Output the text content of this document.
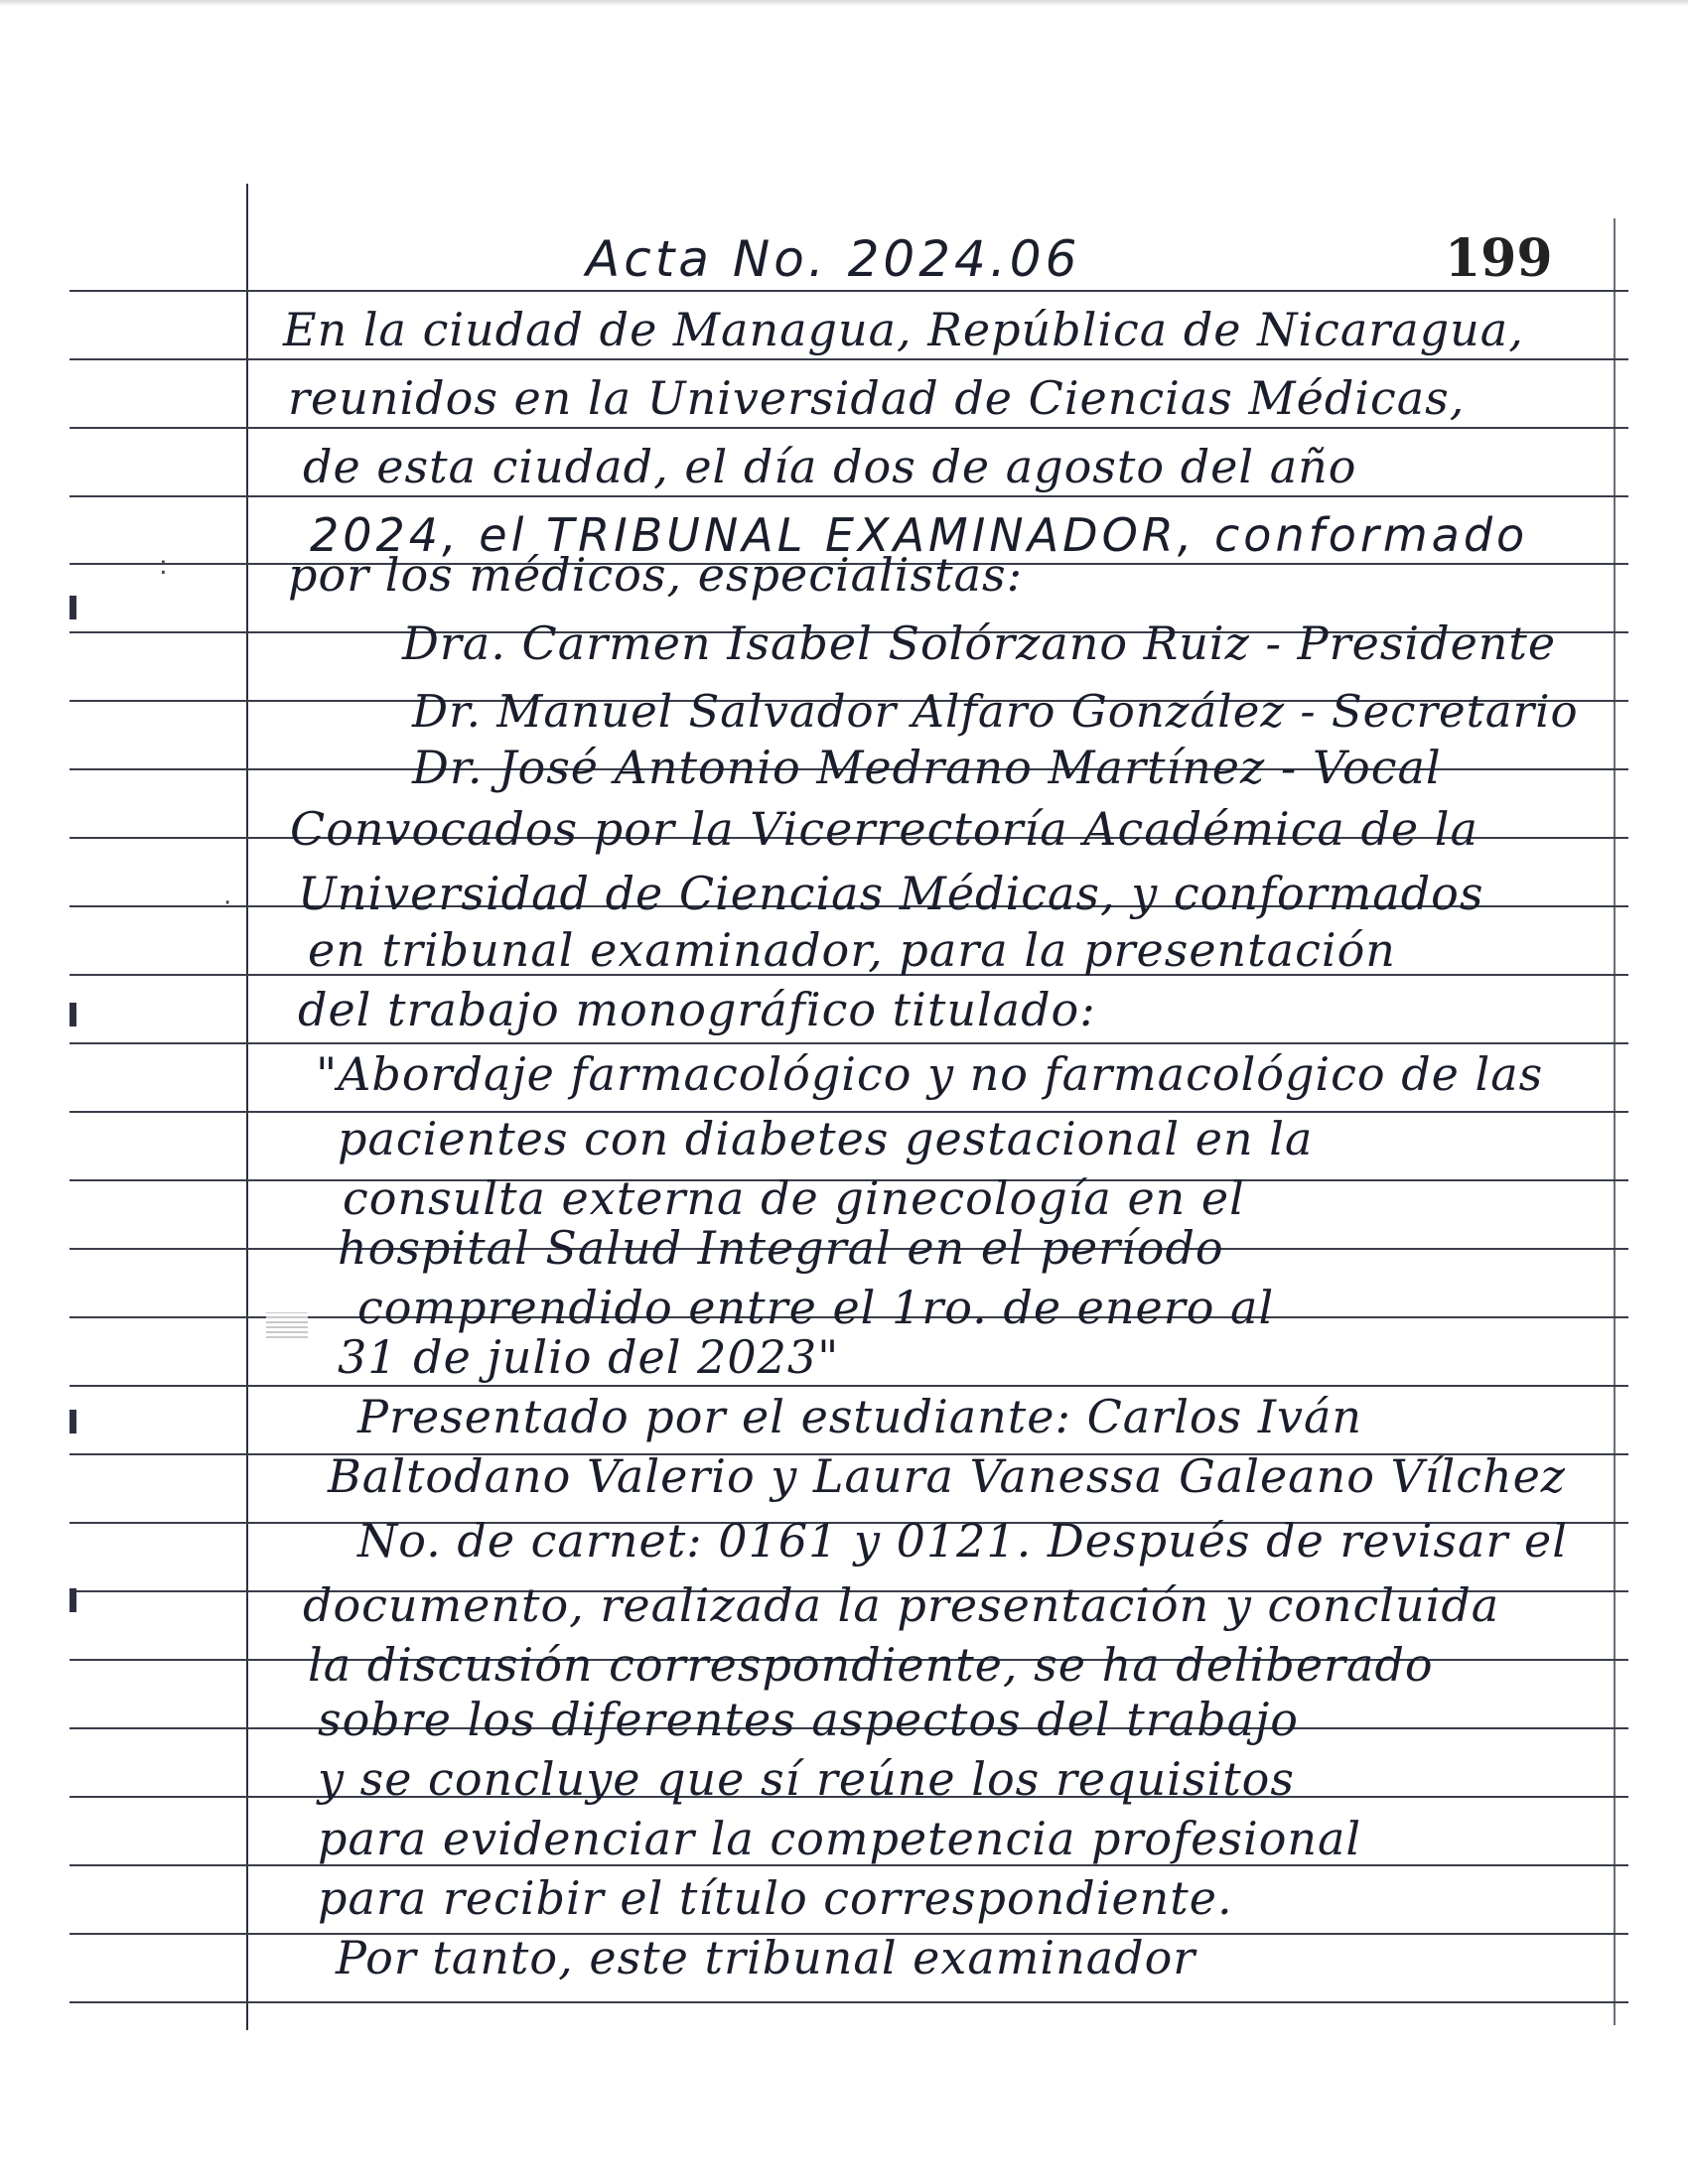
:
·
199
Acta No. 2024.06
En la ciudad de Managua, República de Nicaragua,
reunidos en la Universidad de Ciencias Médicas,
de esta ciudad, el día dos de agosto del año
2024, el TRIBUNAL EXAMINADOR, conformado
por los médicos, especialistas:
Dra. Carmen Isabel Solórzano Ruiz - Presidente
Dr. Manuel Salvador Alfaro González - Secretario
Dr. José Antonio Medrano Martínez - Vocal
Convocados por la Vicerrectoría Académica de la
Universidad de Ciencias Médicas, y conformados
en tribunal examinador, para la presentación
del trabajo monográfico titulado:
"Abordaje farmacológico y no farmacológico de las
pacientes con diabetes gestacional en la
consulta externa de ginecología en el
hospital Salud Integral en el período
comprendido entre el 1ro. de enero al
31 de julio del 2023"
Presentado por el estudiante: Carlos Iván
Baltodano Valerio y Laura Vanessa Galeano Vílchez
No. de carnet: 0161 y 0121. Después de revisar el
documento, realizada la presentación y concluida
la discusión correspondiente, se ha deliberado
sobre los diferentes aspectos del trabajo
y se concluye que sí reúne los requisitos
para evidenciar la competencia profesional
para recibir el título correspondiente.
Por tanto, este tribunal examinador
